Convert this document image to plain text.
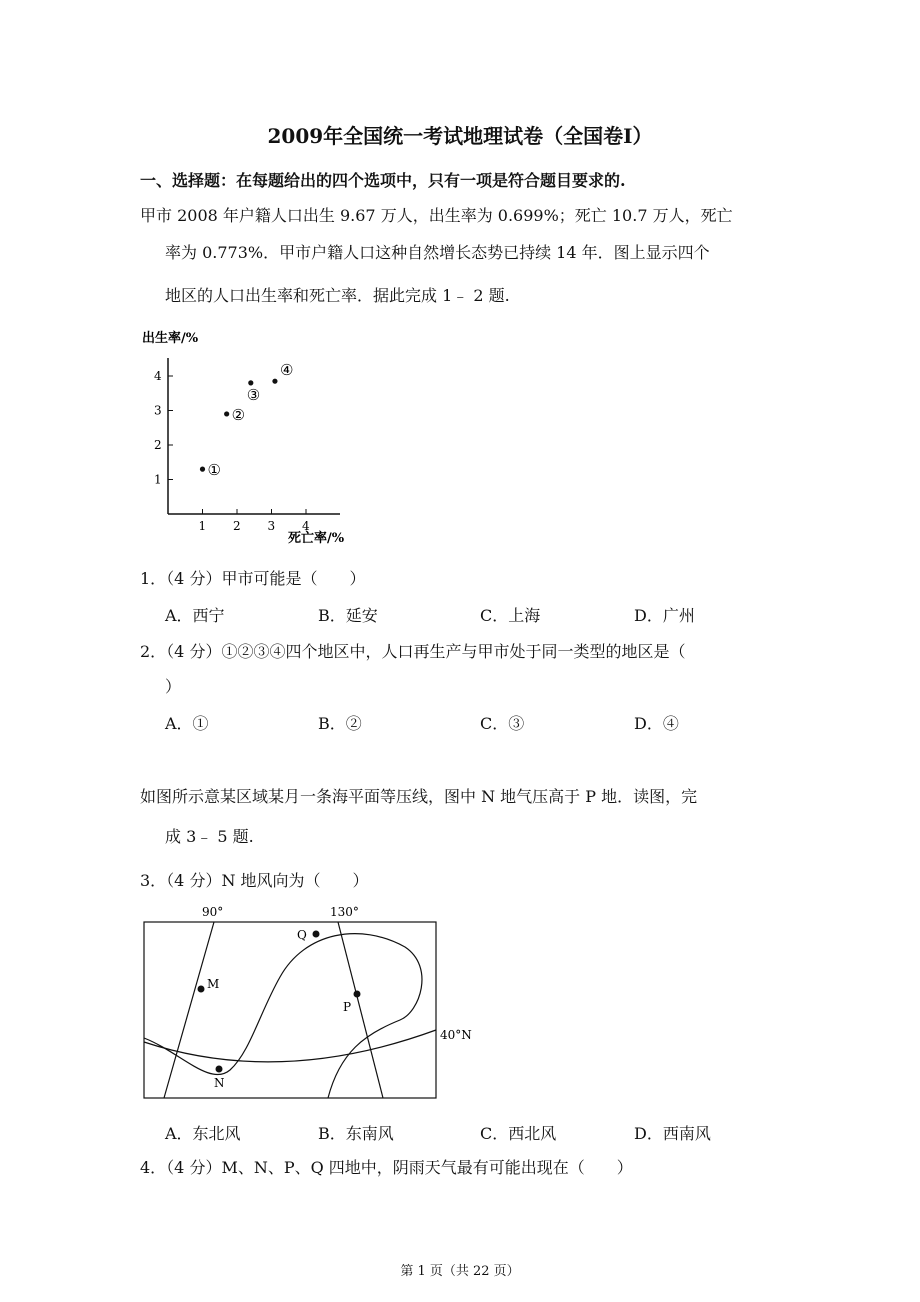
2009年全国统一考试地理试卷（全国卷I）
一、选择题：在每题给出的四个选项中，只有一项是符合题目要求的.
甲市 2008 年户籍人口出生 9.67 万人，出生率为 0.699%；死亡 10.7 万人，死亡
率为 0.773%．甲市户籍人口这种自然增长态势已持续 14 年．图上显示四个
地区的人口出生率和死亡率．据此完成 1﹣ 2 题.
出生率/%
死亡率/%
1 2 3 4
1
2
3
4
①
②
③
④
1．（4 分）甲市可能是（　　）
A．西宁	B．延安	C．上海	D．广州
2．（4 分）①②③④四个地区中，人口再生产与甲市处于同一类型的地区是（
）
A．①	B．②	C．③	D．④
如图所示意某区域某月一条海平面等压线，图中 N 地气压高于 P 地．读图，完
成 3﹣ 5 题.
3．（4 分）N 地风向为（　　）
90°	130°
40°N
Q
M
P
N
A．东北风	B．东南风	C．西北风	D．西南风
4．（4 分）M、N、P、Q 四地中，阴雨天气最有可能出现在（　　）
第 1 页（共 22 页）
